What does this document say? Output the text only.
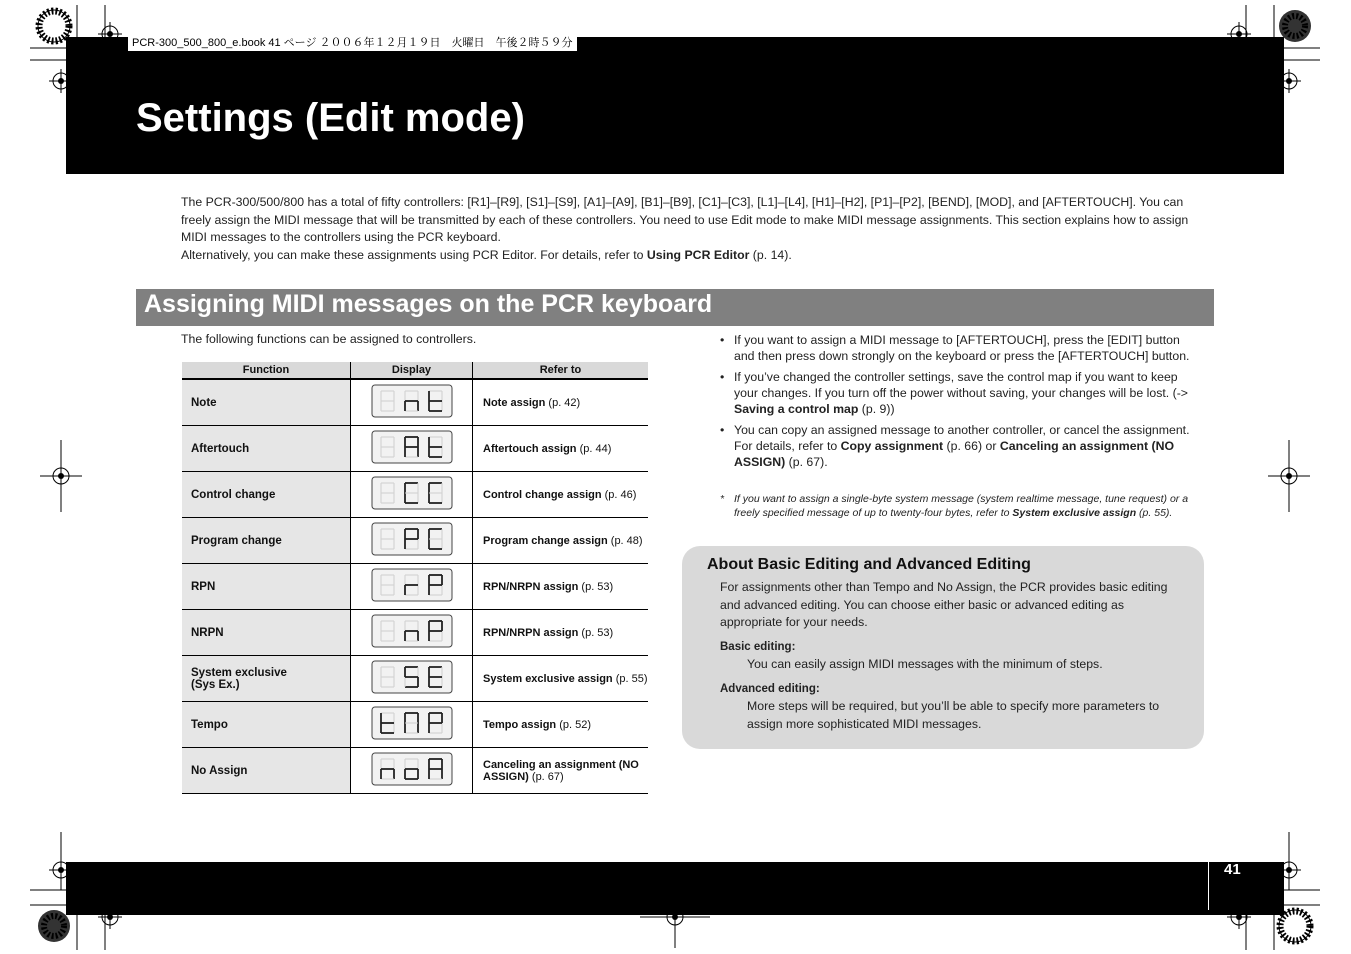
PCR-300_500_800_e.book 41 ページ ２００６年１２月１９日　火曜日　午後２時５９分
Settings (Edit mode)

The PCR-300/500/800 has a total of fifty controllers: [R1]–[R9], [S1]–[S9], [A1]–[A9], [B1]–[B9], [C1]–[C3], [L1]–[L4], [H1]–[H2], [P1]–[P2], [BEND], [MOD], and [AFTERTOUCH]. You can freely assign the MIDI message that will be transmitted by each of these controllers. You need to use Edit mode to make MIDI message assignments. This section explains how to assign MIDI messages to the controllers using the PCR keyboard.

Alternatively, you can make these assignments using PCR Editor. For details, refer to Using PCR Editor (p. 14).

Assigning MIDI messages on the PCR keyboard
The following functions can be assigned to controllers.
Function	Display	Refer to
Note		Note assign (p. 42)
Aftertouch		Aftertouch assign (p. 44)
Control change		Control change assign (p. 46)
Program change		Program change assign (p. 48)
RPN		RPN/NRPN assign (p. 53)
NRPN		RPN/NRPN assign (p. 53)
System exclusive
(Sys Ex.)		System exclusive assign (p. 55)
Tempo		Tempo assign (p. 52)
No Assign		Canceling an assignment (NO ASSIGN) (p. 67)
• If you want to assign a MIDI message to [AFTERTOUCH], press the [EDIT] button and then press down strongly on the keyboard or press the [AFTERTOUCH] button.
• If you’ve changed the controller settings, save the control map if you want to keep your changes. If you turn off the power without saving, your changes will be lost. (-> Saving a control map (p. 9))
• You can copy an assigned message to another controller, or cancel the assignment. For details, refer to Copy assignment (p. 66) or Canceling an assignment (NO ASSIGN) (p. 67).
* If you want to assign a single-byte system message (system realtime message, tune request) or a freely specified message of up to twenty-four bytes, refer to System exclusive assign (p. 55).
About Basic Editing and Advanced Editing

For assignments other than Tempo and No Assign, the PCR provides basic editing and advanced editing. You can choose either basic or advanced editing as appropriate for your needs.

Basic editing:

You can easily assign MIDI messages with the minimum of steps.

Advanced editing:

More steps will be required, but you’ll be able to specify more parameters to assign more sophisticated MIDI messages.

41
